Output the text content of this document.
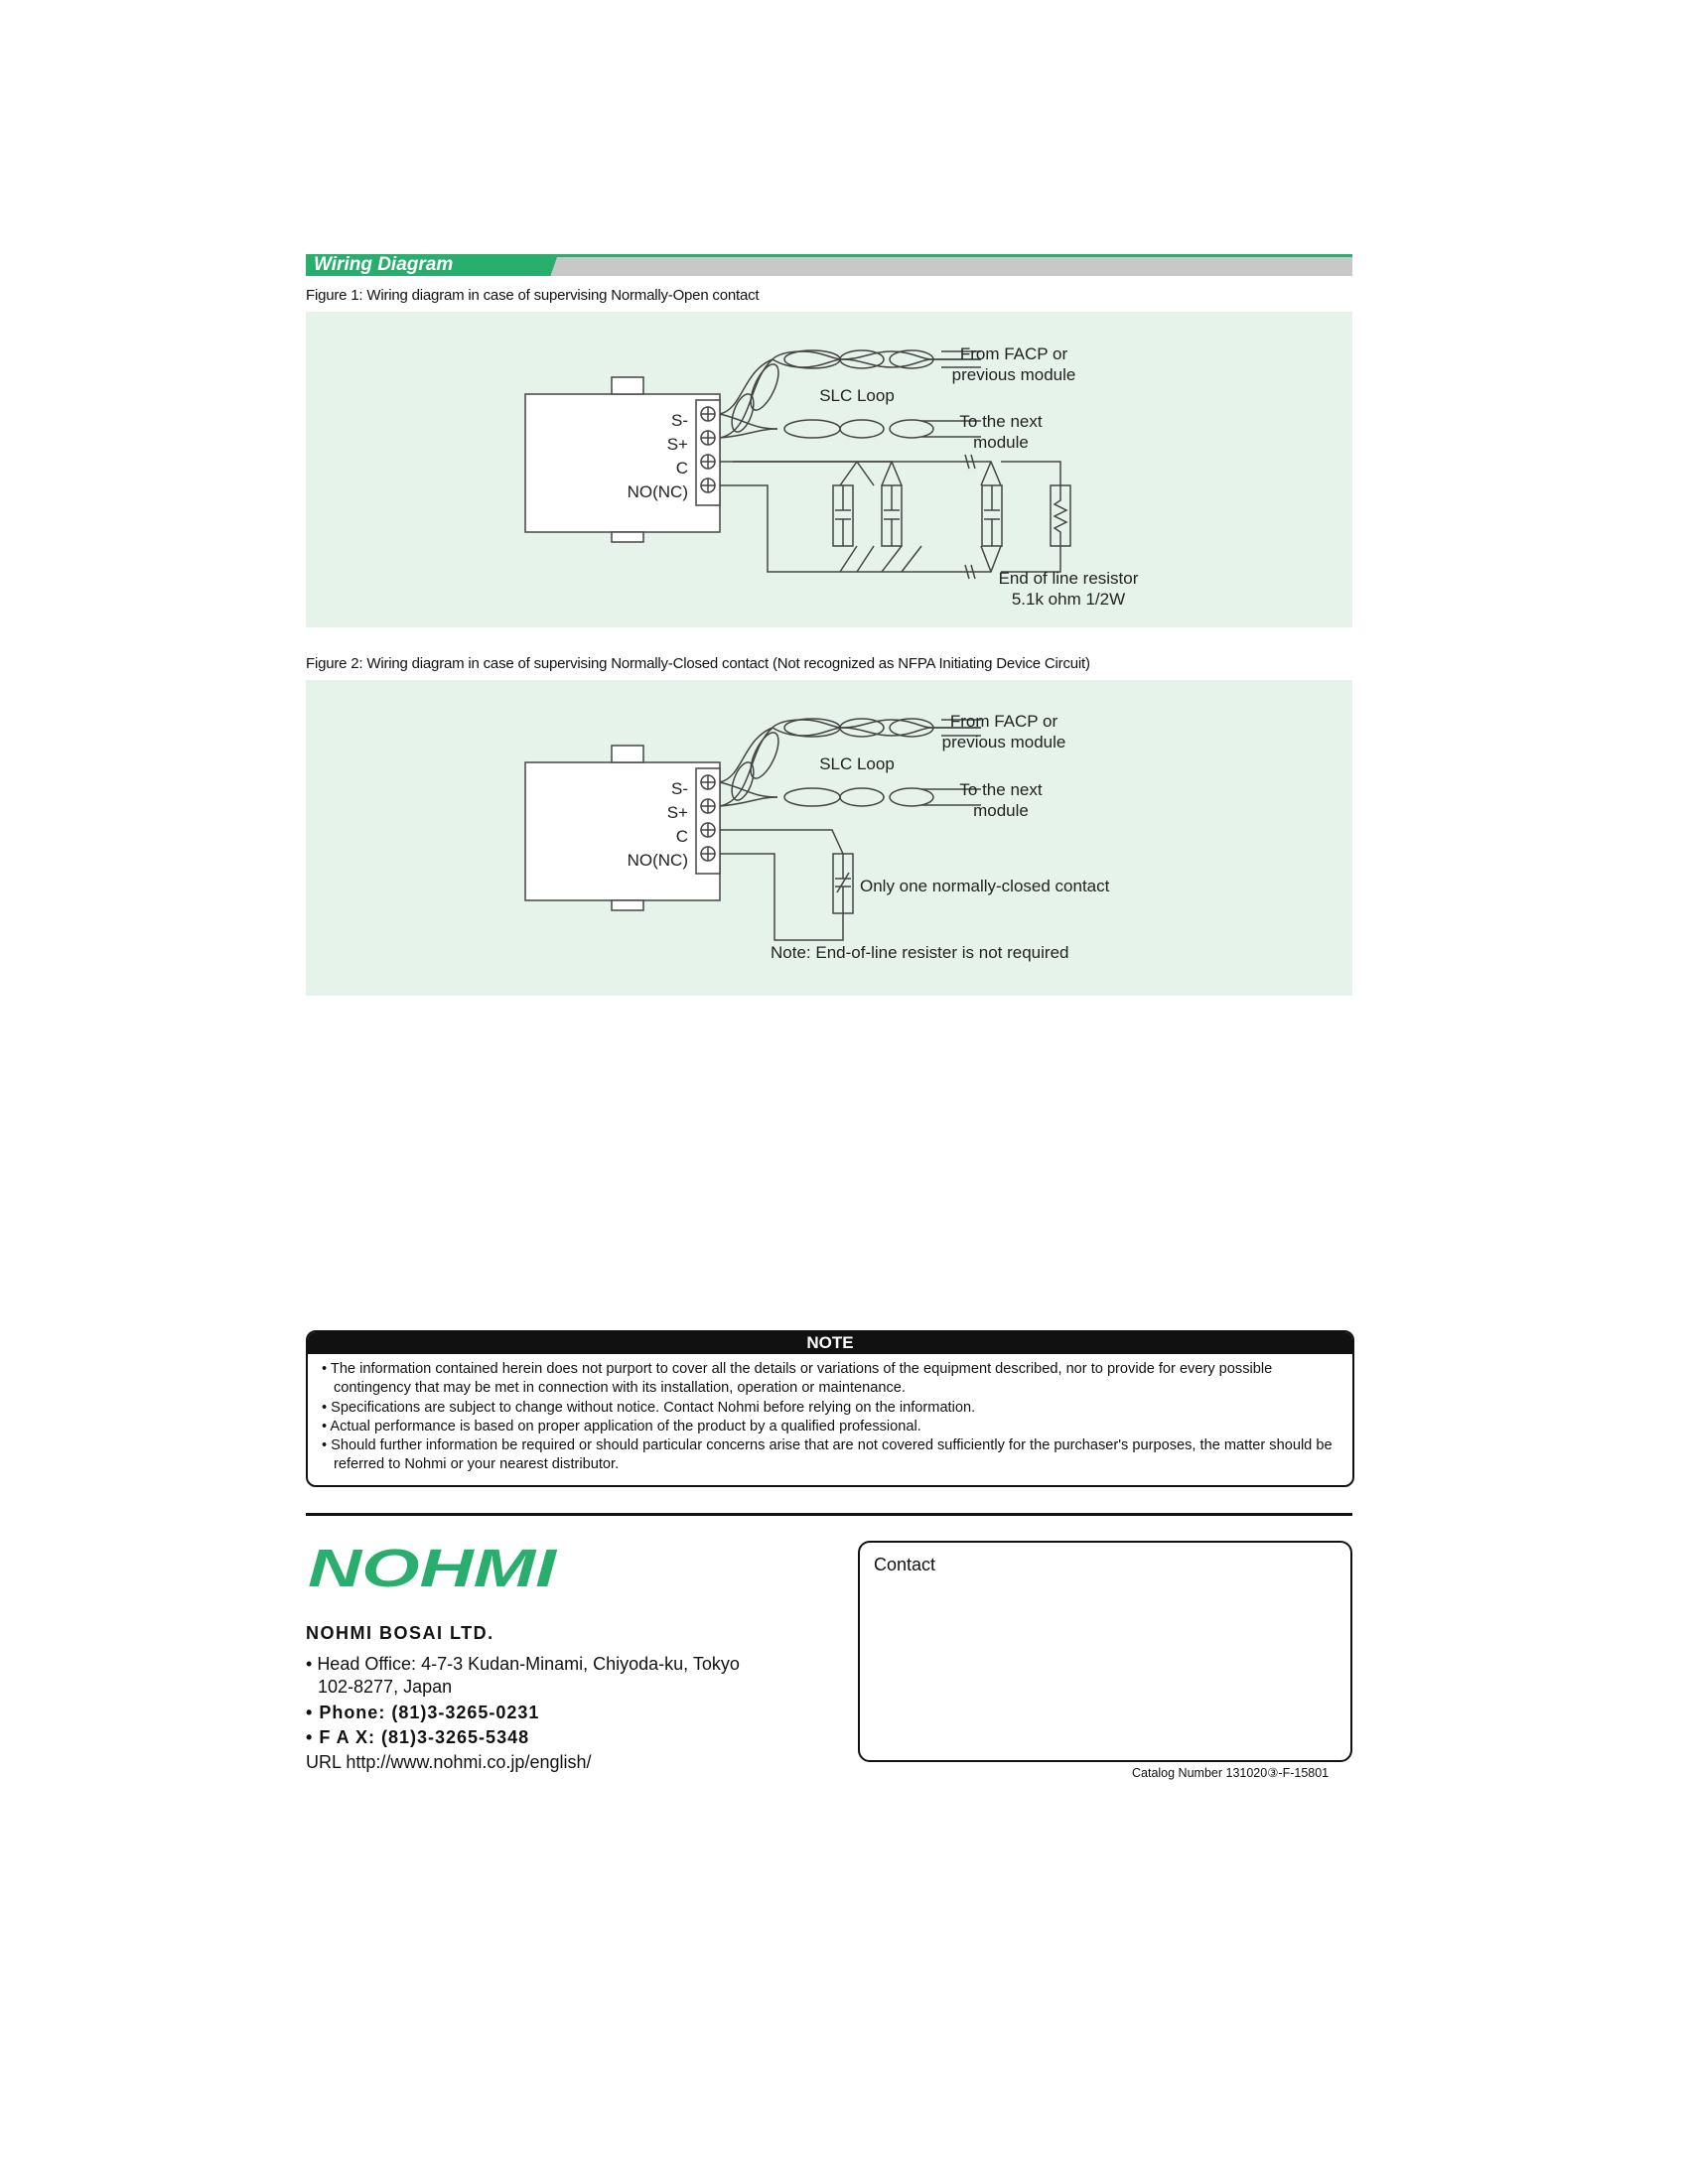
Wiring Diagram
Figure 1: Wiring diagram in case of supervising Normally-Open contact
S-
S+
C
NO(NC)
From FACP or
previous module
SLC Loop
To the next
module
End of line resistor
5.1k ohm 1/2W
Figure 2: Wiring diagram in case of supervising Normally-Closed contact (Not recognized as NFPA Initiating Device Circuit)
S-
S+
C
NO(NC)
From FACP or
previous module
SLC Loop
To the next
module
Only one normally-closed contact
Note: End-of-line resister is not required
NOTE
• The information contained herein does not purport to cover all the details or variations of the equipment described, nor to provide for every possible contingency that may be met in connection with its installation, operation or maintenance.
• Specifications are subject to change without notice. Contact Nohmi before relying on the information.
• Actual performance is based on proper application of the product by a qualified professional.
• Should further information be required or should particular concerns arise that are not covered sufficiently for the purchaser's purposes, the matter should be referred to Nohmi or your nearest distributor.
NOHMI
NOHMI BOSAI LTD.
• Head Office: 4-7-3 Kudan-Minami, Chiyoda-ku, Tokyo
102-8277, Japan
• Phone: (81)3-3265-0231
• F A X: (81)3-3265-5348
URL http://www.nohmi.co.jp/english/
Contact
Catalog Number 131020③-F-15801
